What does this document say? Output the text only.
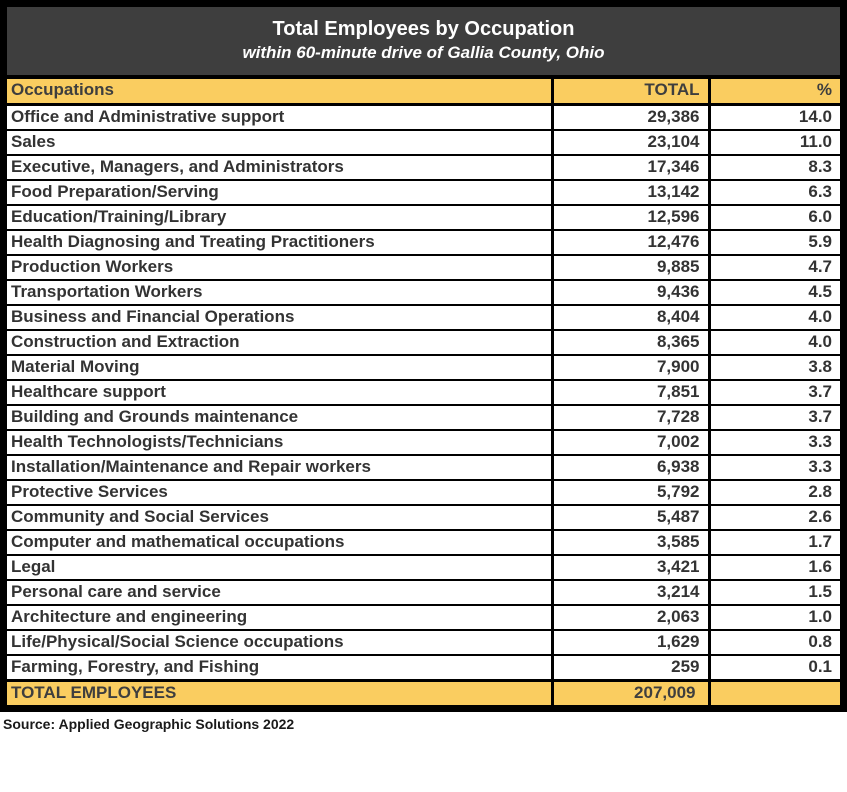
Total Employees by Occupation
within 60-minute drive of Gallia County, Ohio
Occupations	TOTAL	%
Office and Administrative support	29,386	14.0
Sales	23,104	11.0
Executive, Managers, and Administrators	17,346	8.3
Food Preparation/Serving	13,142	6.3
Education/Training/Library	12,596	6.0
Health Diagnosing and Treating Practitioners	12,476	5.9
Production Workers	9,885	4.7
Transportation Workers	9,436	4.5
Business and Financial Operations	8,404	4.0
Construction and Extraction	8,365	4.0
Material Moving	7,900	3.8
Healthcare support	7,851	3.7
Building and Grounds maintenance	7,728	3.7
Health Technologists/Technicians	7,002	3.3
Installation/Maintenance and Repair workers	6,938	3.3
Protective Services	5,792	2.8
Community and Social Services	5,487	2.6
Computer and mathematical occupations	3,585	1.7
Legal	3,421	1.6
Personal care and service	3,214	1.5
Architecture and engineering	2,063	1.0
Life/Physical/Social Science occupations	1,629	0.8
Farming, Forestry, and Fishing	259	0.1
TOTAL EMPLOYEES	207,009	
Source: Applied Geographic Solutions 2022
